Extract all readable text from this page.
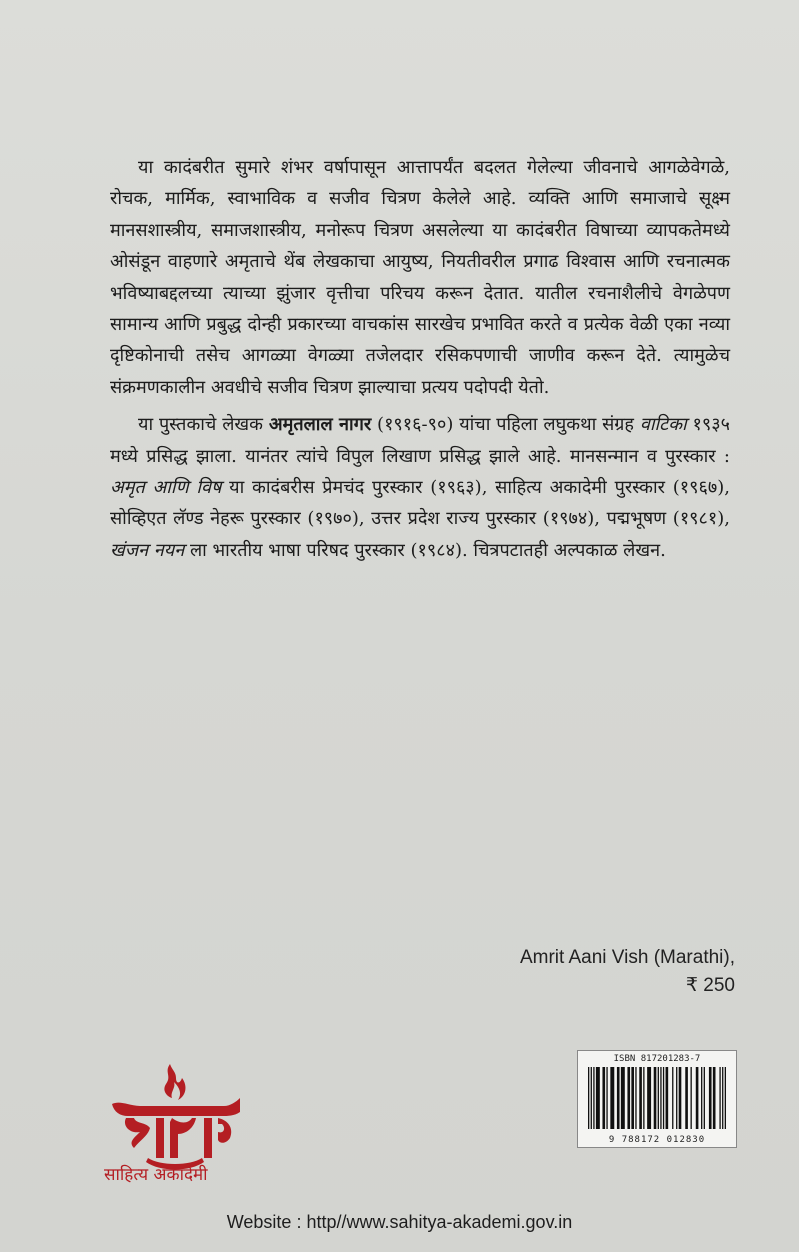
या कादंबरीत सुमारे शंभर वर्षापासून आत्तापर्यंत बदलत गेलेल्या जीवनाचे आगळेवेगळे, रोचक, मार्मिक, स्वाभाविक व सजीव चित्रण केलेले आहे. व्यक्ति आणि समाजाचे सूक्ष्म मानसशास्त्रीय, समाजशास्त्रीय, मनोरूप चित्रण असलेल्या या कादंबरीत विषाच्या व्यापकतेमध्ये ओसंडून वाहणारे अमृताचे थेंब लेखकाचा आयुष्य, नियतीवरील प्रगाढ विश्वास आणि रचनात्मक भविष्याबद्दलच्या त्याच्या झुंजार वृत्तीचा परिचय करून देतात. यातील रचनाशैलीचे वेगळेपण सामान्य आणि प्रबुद्ध दोन्ही प्रकारच्या वाचकांस सारखेच प्रभावित करते व प्रत्येक वेळी एका नव्या दृष्टिकोनाची तसेच आगळ्या वेगळ्या तजेलदार रसिकपणाची जाणीव करून देते. त्यामुळेच संक्रमणकालीन अवधीचे सजीव चित्रण झाल्याचा प्रत्यय पदोपदी येतो.

या पुस्तकाचे लेखक अमृतलाल नागर (१९१६-९०) यांचा पहिला लघुकथा संग्रह वाटिका १९३५ मध्ये प्रसिद्ध झाला. यानंतर त्यांचे विपुल लिखाण प्रसिद्ध झाले आहे. मानसन्मान व पुरस्कार : अमृत आणि विष या कादंबरीस प्रेमचंद पुरस्कार (१९६३), साहित्य अकादेमी पुरस्कार (१९६७), सोव्हिएत लॅण्ड नेहरू पुरस्कार (१९७०), उत्तर प्रदेश राज्य पुरस्कार (१९७४), पद्मभूषण (१९८१), खंजन नयन ला भारतीय भाषा परिषद पुरस्कार (१९८४). चित्रपटातही अल्पकाळ लेखन.

Amrit Aani Vish (Marathi),
₹ 250
ISBN 817201283-7
9 788172 012830
साहित्य अकादेमी
Website : http//www.sahitya-akademi.gov.in
